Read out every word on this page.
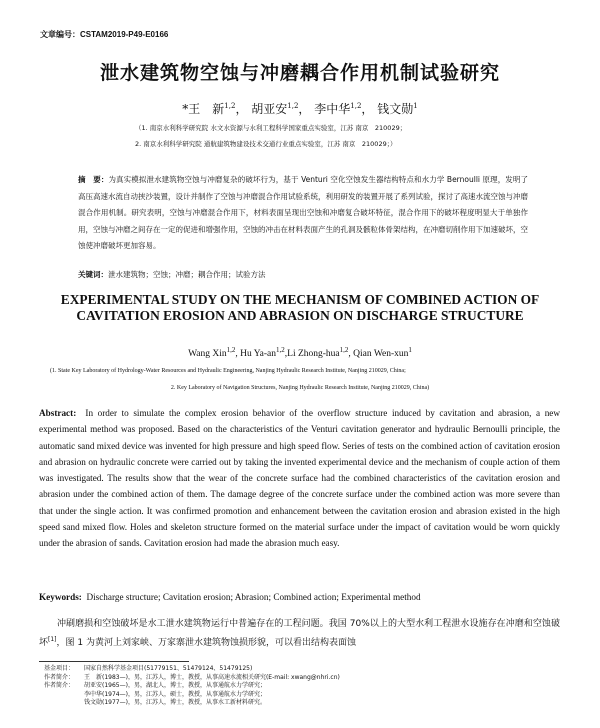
文章编号：CSTAM2019-P49-E0166
泄水建筑物空蚀与冲磨耦合作用机制试验研究
*王　新$^{1,2}$， 胡亚安$^{1,2}$， 李中华$^{1,2}$， 钱文勋$^1$
（1. 南京水利科学研究院 水文水资源与水利工程科学国家重点实验室，江苏 南京　210029；
2. 南京水利科学研究院 通航建筑物建设技术交通行业重点实验室，江苏 南京　210029；）
摘　要：为真实模拟泄水建筑物空蚀与冲磨复杂的破坏行为，基于 Venturi 空化空蚀发生器结构特点和水力学 Bernoulli 原理，发明了高压高速水流自动挟沙装置，设计并制作了空蚀与冲磨混合作用试验系统，利用研发的装置开展了系列试验，探讨了高速水流空蚀与冲磨混合作用机制。研究表明，空蚀与冲磨混合作用下，材料表面呈现出空蚀和冲磨复合破坏特征，混合作用下的破坏程度明显大于单独作用，空蚀与冲磨之间存在一定的促进和增强作用，空蚀的冲击在材料表面产生的孔洞及骸粒体骨架结构，在冲磨切削作用下加速破坏，空蚀使冲磨破坏更加容易。
关键词：泄水建筑物；空蚀；冲磨；耦合作用；试验方法
EXPERIMENTAL STUDY ON THE MECHANISM OF COMBINED ACTION OF CAVITATION EROSION AND ABRASION ON DISCHARGE STRUCTURE
Wang Xin$^{1,2}$, Hu Ya-an$^{1,2}$,Li Zhong-hua$^{1,2}$, Qian Wen-xun$^1$
(1. State Key Laboratory of Hydrology-Water Resources and Hydraulic Engineering, Nanjing Hydraulic Research Institute, Nanjing 210029, China;
2. Key Laboratory of Navigation Structures, Nanjing Hydraulic Research Institute, Nanjing 210029, China)
Abstract: In order to simulate the complex erosion behavior of the overflow structure induced by cavitation and abrasion, a new experimental method was proposed. Based on the characteristics of the Venturi cavitation generator and hydraulic Bernoulli principle, the automatic sand mixed device was invented for high pressure and high speed flow. Series of tests on the combined action of cavitation erosion and abrasion on hydraulic concrete were carried out by taking the invented experimental device and the mechanism of couple action of them was investigated. The results show that the wear of the concrete surface had the combined characteristics of the cavitation erosion and abrasion under the combined action of them. The damage degree of the concrete surface under the combined action was more severe than that under the single action. It was confirmed promotion and enhancement between the cavitation erosion and abrasion existed in the high speed sand mixed flow. Holes and skeleton structure formed on the material surface under the impact of cavitation would be worn quickly under the abrasion of sands. Cavitation erosion had made the abrasion much easy.
Keywords: Discharge structure; Cavitation erosion; Abrasion; Combined action; Experimental method
冲刷磨损和空蚀破坏是水工泄水建筑物运行中普遍存在的工程问题。我国 70%以上的大型水利工程泄水设施存在冲磨和空蚀破坏[1]，图 1 为黄河上刘家峡、万家寨泄水建筑物蚀损形貌，可以看出结构表面蚀
基金项目： 国家自然科学基金项目(51779151、51479124、51479125)
作者简介： 王　新(1983—)，男，江苏人，博士，教授，从事高速水流相关研究(E-mail: xwang@nhri.cn)
作者简介： 胡亚安(1965—)，男，湖北人，博士，教授，从事通航水力学研究；
李中华(1974—)，男，江苏人，硕士，教授，从事通航水力学研究；
钱文勋(1977—)，男，江苏人，博士，教授，从事水工新材料研究。
